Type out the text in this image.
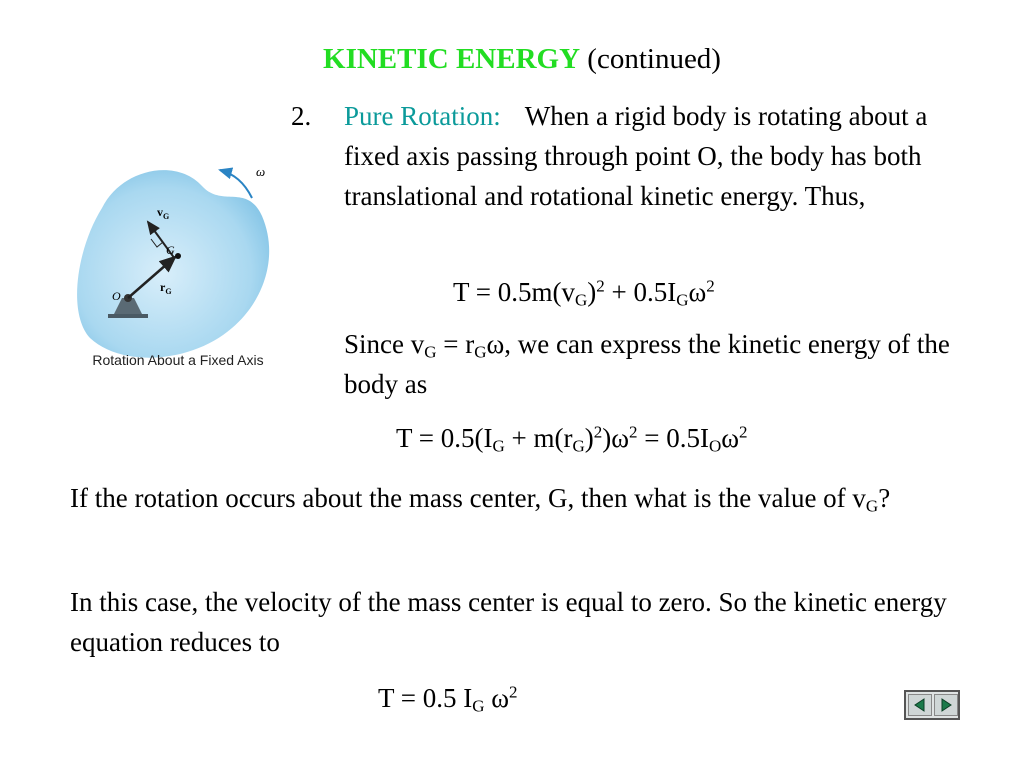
KINETIC ENERGY (continued)
2. Pure Rotation: When a rigid body is rotating about a fixed axis passing through point O, the body has both translational and rotational kinetic energy. Thus,
$T = 0.5m(v_G)^2 + 0.5I_G\omega^2$
Since $v_G = r_G\omega$, we can express the kinetic energy of the body as
$T = 0.5(I_G + m(r_G)^2)\omega^2 = 0.5I_O\omega^2$
If the rotation occurs about the mass center, G, then what is the value of $v_G$?
In this case, the velocity of the mass center is equal to zero. So the kinetic energy equation reduces to
T = 0.5 $I_G$ $\omega^2$
ω
$v_G$
G
O
$r_G$
Rotation About a Fixed Axis
